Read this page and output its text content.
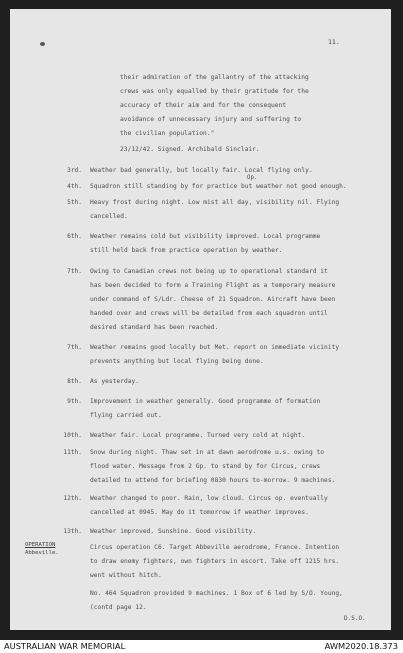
11.
their admiration of the gallantry of the attacking
crews was only equalled by their gratitude for the
accuracy of their aim and for the consequent
avoidance of unnecessary injury and suffering to
the civilian population."
23/12/42. Signed. Archibald Sinclair.
3rd. Weather bad generally, but locally fair. Local flying only.
Op.
4th. Squadron still standing by for practice but weather not good enough.
5th. Heavy frost during night. Low mist all day, visibility nil. Flying
cancelled.
6th. Weather remains cold but visibility improved. Local programme
still held back from practice operation by weather.
7th. Owing to Canadian crews not being up to operational standard it
has been decided to form a Training Flight as a temporary measure
under command of S/Ldr. Cheese of 21 Squadron. Aircraft have been
handed over and crews will be detailed from each squadron until
desired standard has been reached.
7th. Weather remains good locally but Met. report on immediate vicinity
prevents anything but local flying being done.
8th. As yesterday.
9th. Improvement in weather generally. Good programme of formation
flying carried out.
10th. Weather fair. Local programme. Turned very cold at night.
11th. Snow during night. Thaw set in at dawn aerodrome u.s. owing to
flood water. Message from 2 Gp. to stand by for Circus, crews
detailed to attend for briefing 0830 hours to-morrow. 9 machines.
12th. Weather changed to poor. Rain, low cloud. Circus op. eventually
cancelled at 0945. May do it tomorrow if weather improves.
13th. Weather improved. Sunshine. Good visibility.
OPERATION
Abbeville.
Circus operation C6. Target Abbeville aerodrome, France. Intention
to draw enemy fighters, own fighters in escort. Take off 1215 hrs.
went without hitch.
No. 464 Squadron provided 9 machines. 1 Box of 6 led by S/O. Young,
(contd page 12.
D.S.O.
AUSTRALIAN WAR MEMORIAL	AWM2020.18.373
